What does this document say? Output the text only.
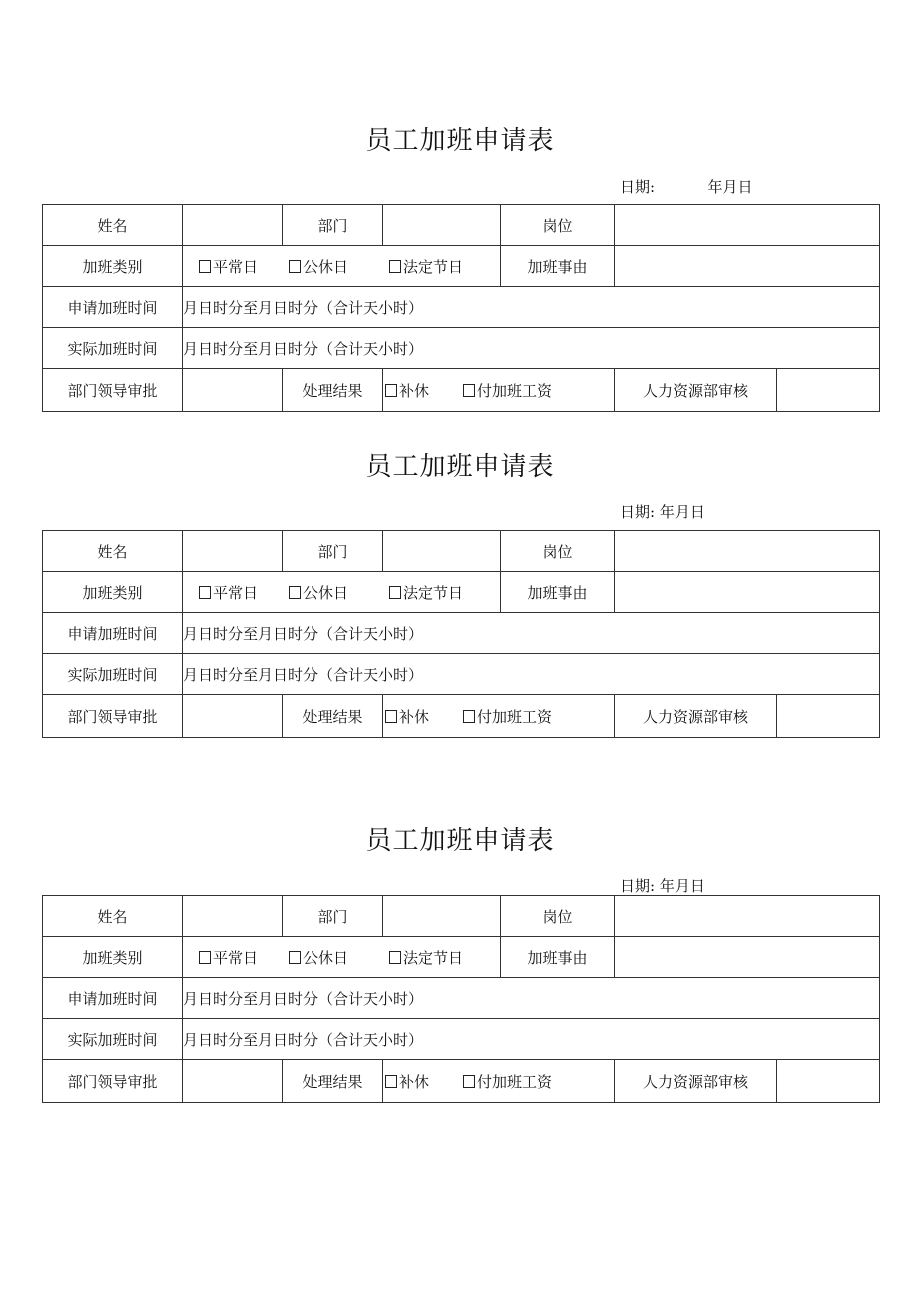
员工加班申请表
日期:	年月日
姓名		部门		岗位		
加班类别	平常日 公休日 法定节日			加班事由		
申请加班时间	月日时分至月日时分（合计天小时）					
实际加班时间	月日时分至月日时分（合计天小时）					
部门领导审批		处理结果	补休 付加班工资		人力资源部审核	
员工加班申请表
日期: 年月日
姓名		部门		岗位		
加班类别	平常日 公休日 法定节日			加班事由		
申请加班时间	月日时分至月日时分（合计天小时）					
实际加班时间	月日时分至月日时分（合计天小时）					
部门领导审批		处理结果	补休 付加班工资		人力资源部审核	
员工加班申请表
日期: 年月日
姓名		部门		岗位		
加班类别	平常日 公休日 法定节日			加班事由		
申请加班时间	月日时分至月日时分（合计天小时）					
实际加班时间	月日时分至月日时分（合计天小时）					
部门领导审批		处理结果	补休 付加班工资		人力资源部审核	
